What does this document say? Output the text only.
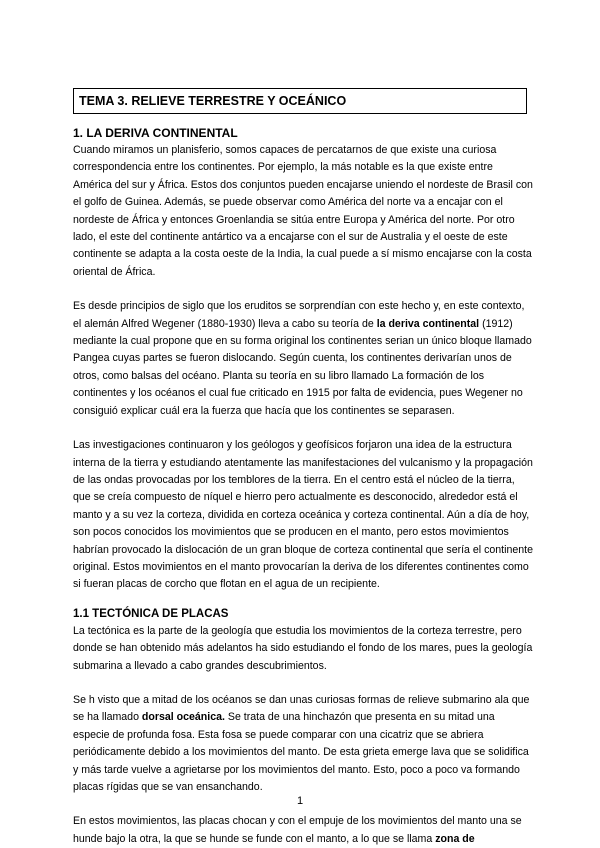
TEMA 3. RELIEVE TERRESTRE Y OCEÁNICO
1. LA DERIVA CONTINENTAL

Cuando miramos un planisferio, somos capaces de percatarnos de que existe una curiosa correspondencia entre los continentes. Por ejemplo, la más notable es la que existe entre América del sur y África. Estos dos conjuntos pueden encajarse uniendo el nordeste de Brasil con el golfo de Guinea. Además, se puede observar como América del norte va a encajar con el nordeste de África y entonces Groenlandia se sitúa entre Europa y América del norte. Por otro lado, el este del continente antártico va a encajarse con el sur de Australia y el oeste de este continente se adapta a la costa oeste de la India, la cual puede a sí mismo encajarse con la costa oriental de África.

Es desde principios de siglo que los eruditos se sorprendían con este hecho y, en este contexto, el alemán Alfred Wegener (1880-1930) lleva a cabo su teoría de la deriva continental (1912) mediante la cual propone que en su forma original los continentes serian un único bloque llamado Pangea cuyas partes se fueron dislocando. Según cuenta, los continentes derivarían unos de otros, como balsas del océano. Planta su teoría en su libro llamado La formación de los continentes y los océanos el cual fue criticado en 1915 por falta de evidencia, pues Wegener no consiguió explicar cuál era la fuerza que hacía que los continentes se separasen.

Las investigaciones continuaron y los geólogos y geofísicos forjaron una idea de la estructura interna de la tierra y estudiando atentamente las manifestaciones del vulcanismo y la propagación de las ondas provocadas por los temblores de la tierra. En el centro está el núcleo de la tierra, que se creía compuesto de níquel e hierro pero actualmente es desconocido, alrededor está el manto y a su vez la corteza, dividida en corteza oceánica y corteza continental. Aún a día de hoy, son pocos conocidos los movimientos que se producen en el manto, pero estos movimientos habrían provocado la dislocación de un gran bloque de corteza continental que sería el continente original. Estos movimientos en el manto provocarían la deriva de los diferentes continentes como si fueran placas de corcho que flotan en el agua de un recipiente.

1.1 TECTÓNICA DE PLACAS

La tectónica es la parte de la geología que estudia los movimientos de la corteza terrestre, pero donde se han obtenido más adelantos ha sido estudiando el fondo de los mares, pues la geología submarina a llevado a cabo grandes descubrimientos.

Se h visto que a mitad de los océanos se dan unas curiosas formas de relieve submarino ala que se ha llamado dorsal oceánica. Se trata de una hinchazón que presenta en su mitad una especie de profunda fosa. Esta fosa se puede comparar con una cicatriz que se abriera periódicamente debido a los movimientos del manto. De esta grieta emerge lava que se solidifica y más tarde vuelve a agrietarse por los movimientos del manto. Esto, poco a poco va formando placas rígidas que se van ensanchando.

En estos movimientos, las placas chocan y con el empuje de los movimientos del manto una se hunde bajo la otra, la que se hunde se funde con el manto, a lo que se llama zona de

1
